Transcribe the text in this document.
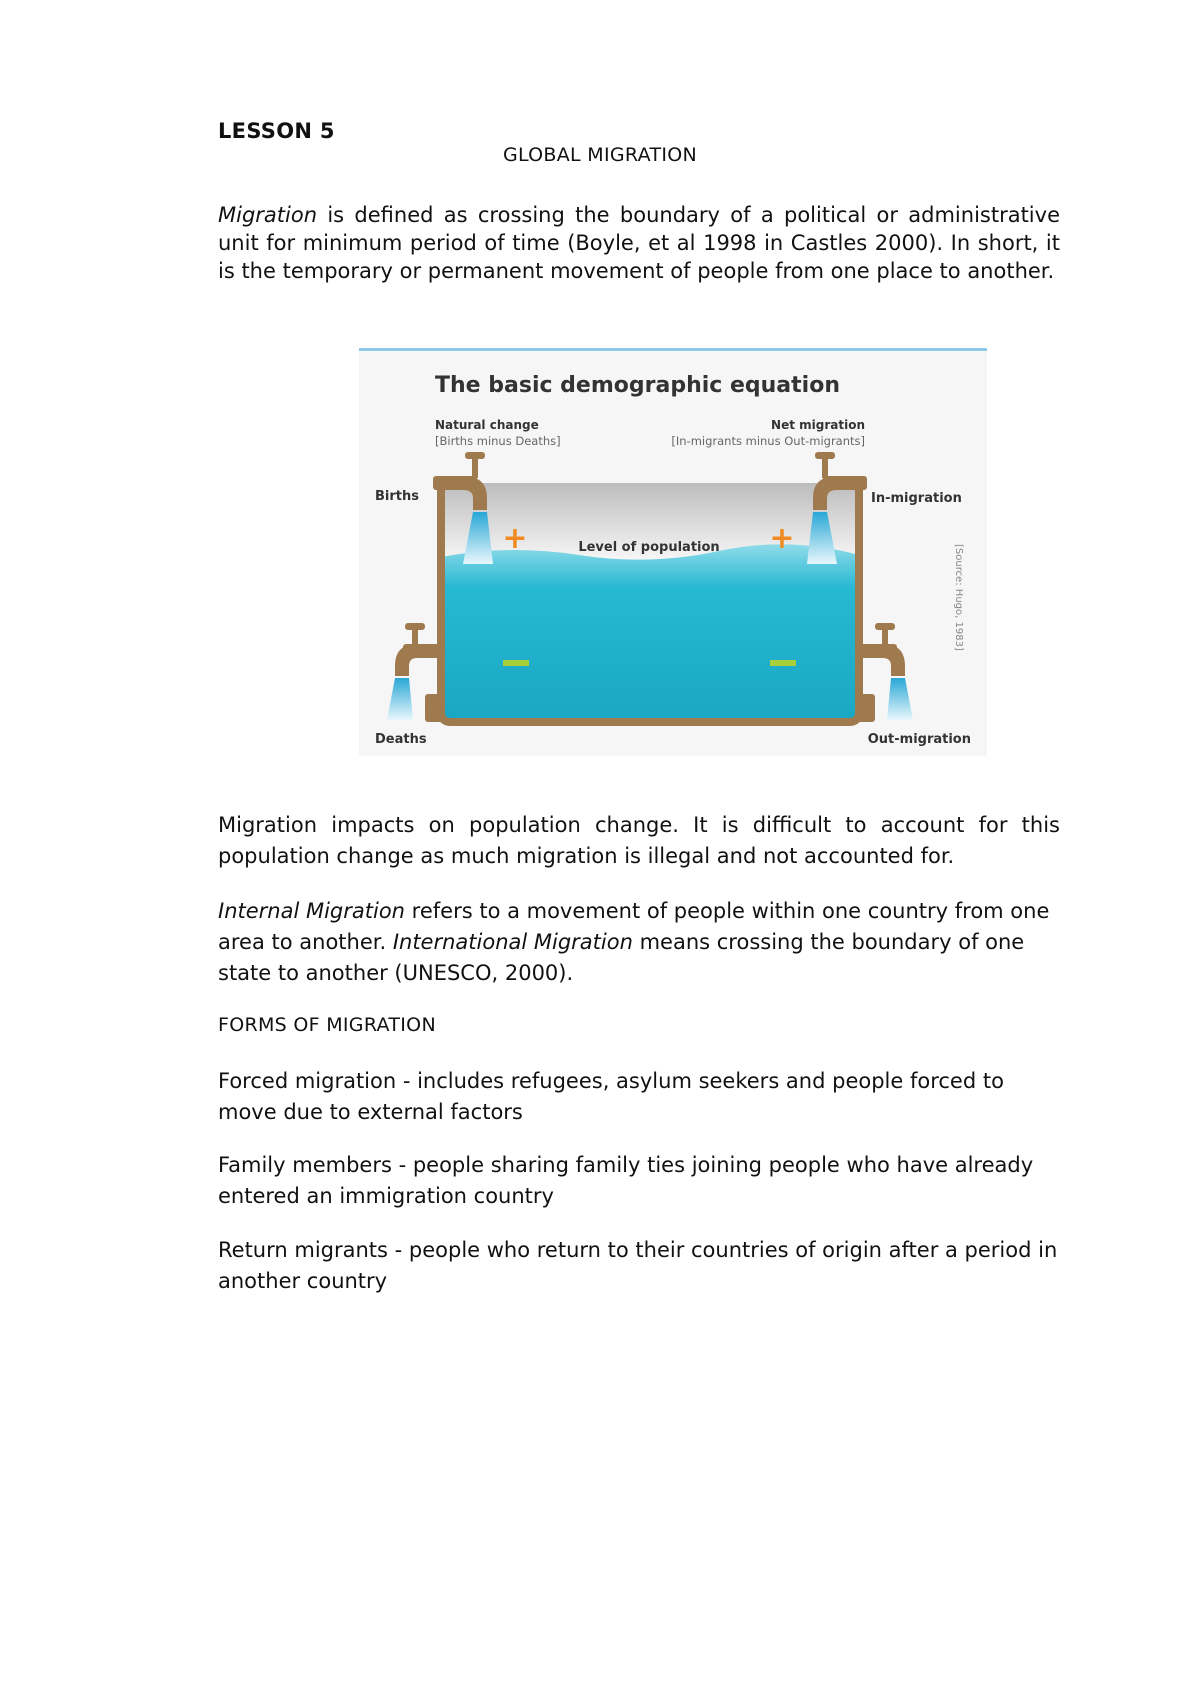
LESSON 5
GLOBAL MIGRATION

Migration is defined as crossing the boundary of a political or administrative unit for minimum period of time (Boyle, et al 1998 in Castles 2000). In short, it is the temporary or permanent movement of people from one place to another.

The basic demographic equation
Natural change
[Births minus Deaths]
Net migration
[In-migrants minus Out-migrants]
+	+
Level of population
Births	In-migration
Deaths	Out-migration
[Source: Hugo, 1983]

Migration impacts on population change. It is difficult to account for this population change as much migration is illegal and not accounted for.

Internal Migration refers to a movement of people within one country from one area to another. International Migration means crossing the boundary of one state to another (UNESCO, 2000).

FORMS OF MIGRATION

Forced migration - includes refugees, asylum seekers and people forced to move due to external factors

Family members - people sharing family ties joining people who have already entered an immigration country

Return migrants - people who return to their countries of origin after a period in another country
